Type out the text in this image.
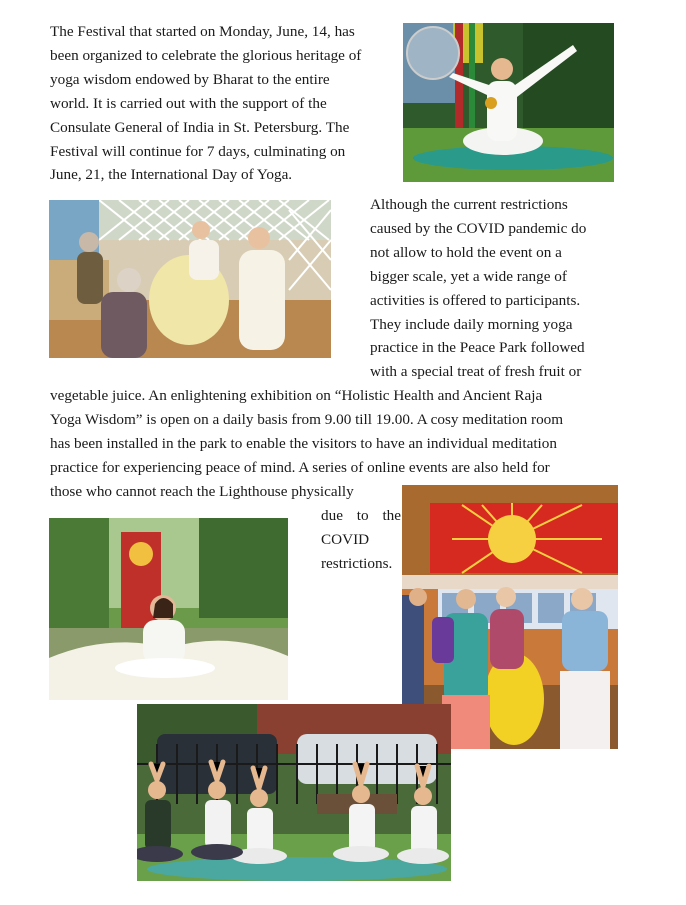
The Festival that started on Monday, June, 14, has
been organized to celebrate the glorious heritage of
yoga wisdom endowed by Bharat to the entire
world. It is carried out with the support of the
Consulate General of India in St. Petersburg. The
Festival will continue for 7 days, culminating on
June, 21, the International Day of Yoga.
Although the current restrictions
caused by the COVID pandemic do
not allow to hold the event on a
bigger scale, yet a wide range of
activities is offered to participants.
They include daily morning yoga
practice in the Peace Park followed
with a special treat of fresh fruit or
vegetable juice. An enlightening exhibition on “Holistic Health and Ancient Raja
Yoga Wisdom” is open on a daily basis from 9.00 till 19.00. A cosy meditation room
has been installed in the park to enable the visitors to have an individual meditation
practice for experiencing peace of mind. A series of online events are also held for
those who cannot reach the Lighthouse physically
due to the
COVID
restrictions.
